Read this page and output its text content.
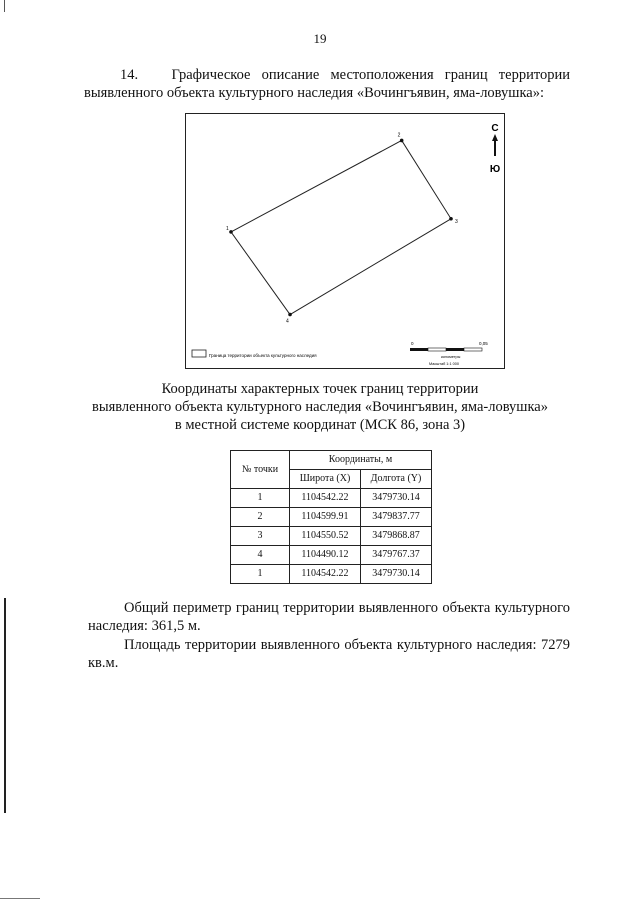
19
14. Графическое описание местоположения границ территории выявленного объекта культурного наследия «Вочингъявин, яма-ловушка»:
1
2
3
4
С
Ю
Граница территории объекта культурного наследия
0	0,05
километры
Масштаб 1:1 000
Координаты характерных точек границ территории
выявленного объекта культурного наследия «Вочингъявин, яма-ловушка»
в местной системе координат (МСК 86, зона 3)
№ точки	Координаты, м	
	Широта (X)	Долгота (Y)
1	1104542.22	3479730.14
2	1104599.91	3479837.77
3	1104550.52	3479868.87
4	1104490.12	3479767.37
1	1104542.22	3479730.14
Общий периметр границ территории выявленного объекта культурного наследия: 361,5 м.
Площадь территории выявленного объекта культурного наследия: 7279 кв.м.
